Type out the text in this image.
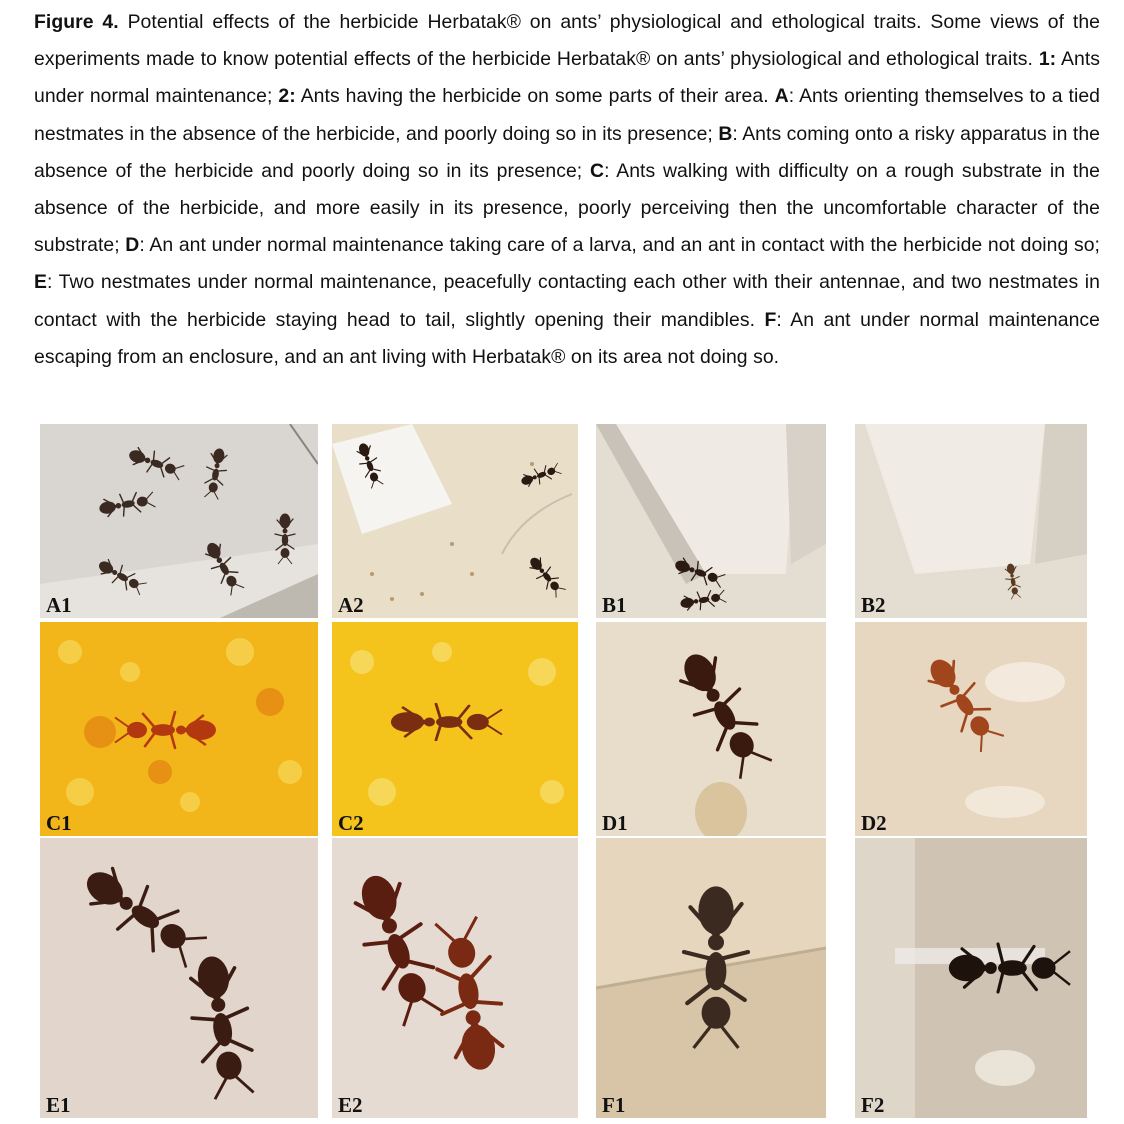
Figure 4. Potential effects of the herbicide Herbatak® on ants’ physiological and ethological traits. Some views of the experiments made to know potential effects of the herbicide Herbatak® on ants’ physiological and ethological traits. 1: Ants under normal maintenance; 2: Ants having the herbicide on some parts of their area. A: Ants orienting themselves to a tied nestmates in the absence of the herbicide, and poorly doing so in its presence; B: Ants coming onto a risky apparatus in the absence of the herbicide and poorly doing so in its presence; C: Ants walking with difficulty on a rough substrate in the absence of the herbicide, and more easily in its presence, poorly perceiving then the uncomfortable character of the substrate; D: An ant under normal maintenance taking care of a larva, and an ant in contact with the herbicide not doing so; E: Two nestmates under normal maintenance, peacefully contacting each other with their antennae, and two nestmates in contact with the herbicide staying head to tail, slightly opening their mandibles. F: An ant under normal maintenance escaping from an enclosure, and an ant living with Herbatak® on its area not doing so.

A1	A2	B1	B2
C1	C2	D1	D2
E1	E2	F1	F2
